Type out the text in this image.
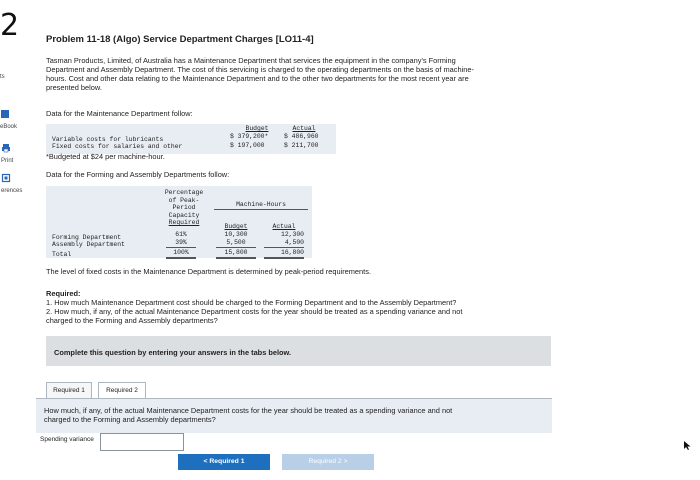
2
ts
eBook
Print
erences
Problem 11-18 (Algo) Service Department Charges [LO11-4]
Tasman Products, Limited, of Australia has a Maintenance Department that services the equipment in the company's Forming
Department and Assembly Department. The cost of this servicing is charged to the operating departments on the basis of machine-
hours. Cost and other data relating to the Maintenance Department and to the other two departments for the most recent year are
presented below.
Data for the Maintenance Department follow:
Budget	Actual
Variable costs for lubricants	$ 379,200* $ 486,960
Fixed costs for salaries and other	$ 197,000	$ 211,700
*Budgeted at $24 per machine-hour.
Data for the Forming and Assembly Departments follow:
Percentage
of Peak-
Period
Capacity
Required
Machine-Hours
Budget	Actual
Forming Department	61%	10,300	12,300
Assembly Department	39%	5,500	4,500
Total	100%	15,800	16,800
The level of fixed costs in the Maintenance Department is determined by peak-period requirements.
Required:
1. How much Maintenance Department cost should be charged to the Forming Department and to the Assembly Department?
2. How much, if any, of the actual Maintenance Department costs for the year should be treated as a spending variance and not
charged to the Forming and Assembly departments?
Complete this question by entering your answers in the tabs below.
Required 1	Required 2
How much, if any, of the actual Maintenance Department costs for the year should be treated as a spending variance and not
charged to the Forming and Assembly departments?
Spending variance
< Required 1	Required 2 >
